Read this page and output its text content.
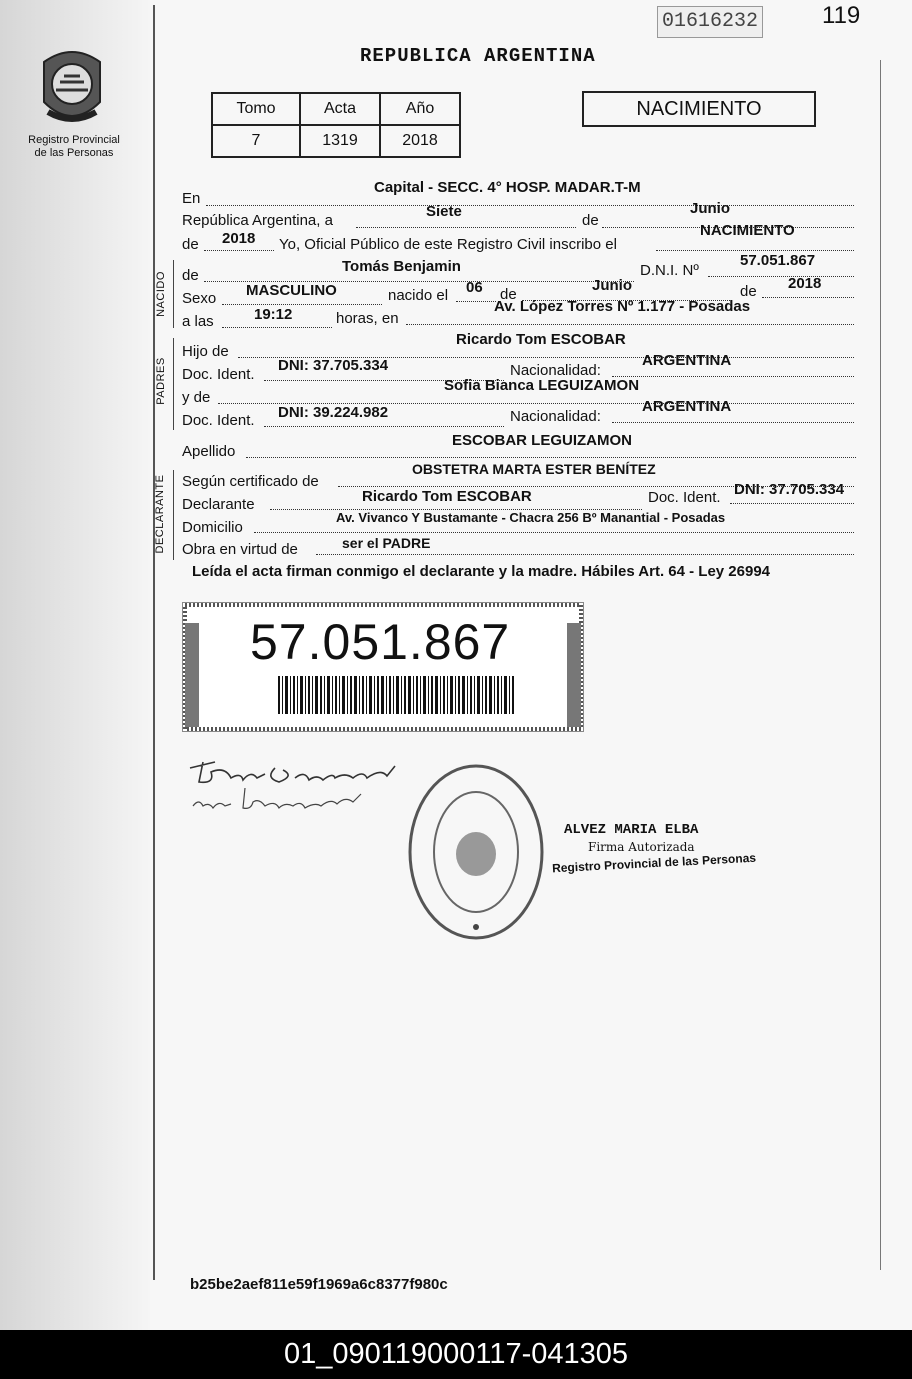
Registro Provincial
de las Personas
01616232	119
REPUBLICA ARGENTINA
Tomo	Acta	Año
7	1319	2018
NACIMIENTO
En
Capital - SECC. 4° HOSP. MADAR.T-M
República Argentina, a
Siete
de
Junio
de 2018 Yo, Oficial Público de este Registro Civil inscribo el
NACIMIENTO
NACIDO de
Tomás Benjamin	D.N.I. Nº
57.051.867
Sexo MASCULINO	nacido el 06 de
Junio	de 2018
a las	19:12	horas, en
Av. López Torres Nº 1.177 - Posadas
PADRES
Hijo de
Ricardo Tom ESCOBAR
Doc. Ident.
DNI: 37.705.334	Nacionalidad:
ARGENTINA
y de
Sofia Bianca LEGUIZAMON
Doc. Ident. DNI: 39.224.982	Nacionalidad:
ARGENTINA
Apellido
ESCOBAR LEGUIZAMON
DECLARANTE Según certificado de
OBSTETRA MARTA ESTER BENÍTEZ
Declarante	Ricardo Tom ESCOBAR	Doc. Ident. DNI: 37.705.334
Domicilio
Av. Vivanco Y Bustamante - Chacra 256 Bº Manantial - Posadas
Obra en virtud de	ser el PADRE
Leída el acta firman conmigo el declarante y la madre. Hábiles Art. 64 - Ley 26994
57.051.867
ALVEZ MARIA ELBA
Firma Autorizada
Registro Provincial de las Personas
b25be2aef811e59f1969a6c8377f980c
01_090119000117-041305
